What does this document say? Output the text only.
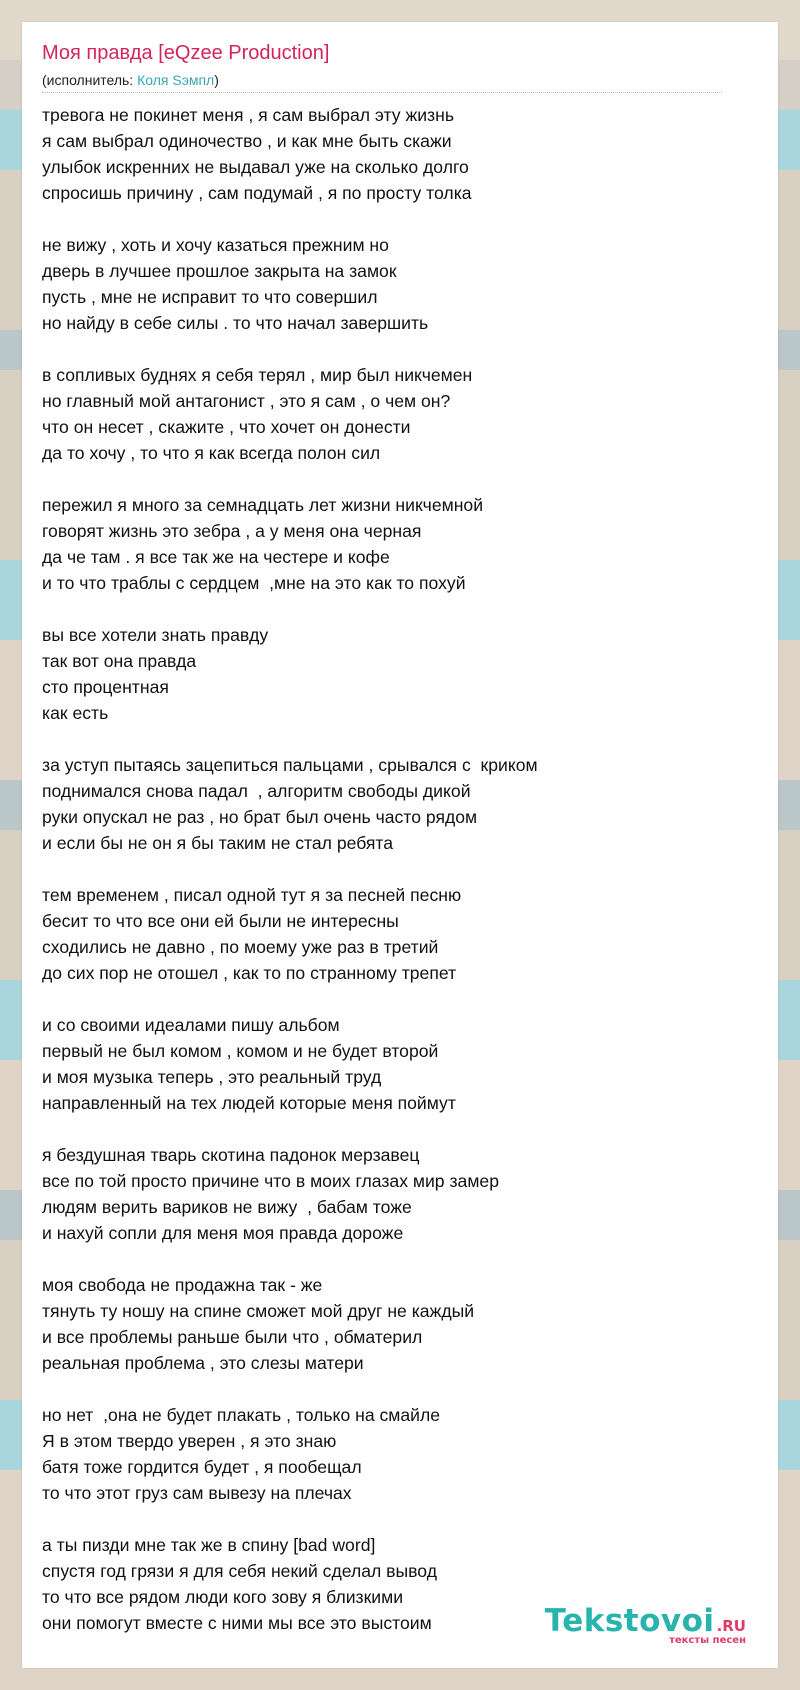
Моя правда [eQzee Production]
(исполнитель: Коля Sэмпл)
тревога не покинет меня , я сам выбрал эту жизнь
я сам выбрал одиночество , и как мне быть скажи
улыбок искренних не выдавал уже на сколько долго
спросишь причину , сам подумай , я по просту толка
не вижу , хоть и хочу казаться прежним но
дверь в лучшее прошлое закрыта на замок
пусть , мне не исправит то что совершил
но найду в себе силы . то что начал завершить
в сопливых буднях я себя терял , мир был никчемен
но главный мой антагонист , это я сам , о чем он?
что он несет , скажите , что хочет он донести
да то хочу , то что я как всегда полон сил
пережил я много за семнадцать лет жизни никчемной
говорят жизнь это зебра , а у меня она черная
да че там . я все так же на честере и кофе
и то что траблы с сердцем  ,мне на это как то похуй
вы все хотели знать правду
так вот она правда
сто процентная
как есть
за уступ пытаясь зацепиться пальцами , срывался с  криком
поднимался снова падал  , алгоритм свободы дикой
руки опускал не раз , но брат был очень часто рядом
и если бы не он я бы таким не стал ребята
тем временем , писал одной тут я за песней песню
бесит то что все они ей были не интересны
сходились не давно , по моему уже раз в третий
до сих пор не отошел , как то по странному трепет
и со своими идеалами пишу альбом
первый не был комом , комом и не будет второй
и моя музыка теперь , это реальный труд
направленный на тех людей которые меня поймут
я бездушная тварь скотина падонок мерзавец
все по той просто причине что в моих глазах мир замер
людям верить вариков не вижу  , бабам тоже
и нахуй сопли для меня моя правда дороже
моя свобода не продажна так - же
тянуть ту ношу на спине сможет мой друг не каждый
и все проблемы раньше были что , обматерил
реальная проблема , это слезы матери
но нет  ,она не будет плакать , только на смайле
Я в этом твердо уверен , я это знаю
батя тоже гордится будет , я пообещал
то что этот груз сам вывезу на плечах
а ты пизди мне так же в спину [bad word]
спустя год грязи я для себя некий сделал вывод
то что все рядом люди кого зову я близкими
они помогут вместе с ними мы все это выстоим	Tekstovoi .RU
тексты песен
